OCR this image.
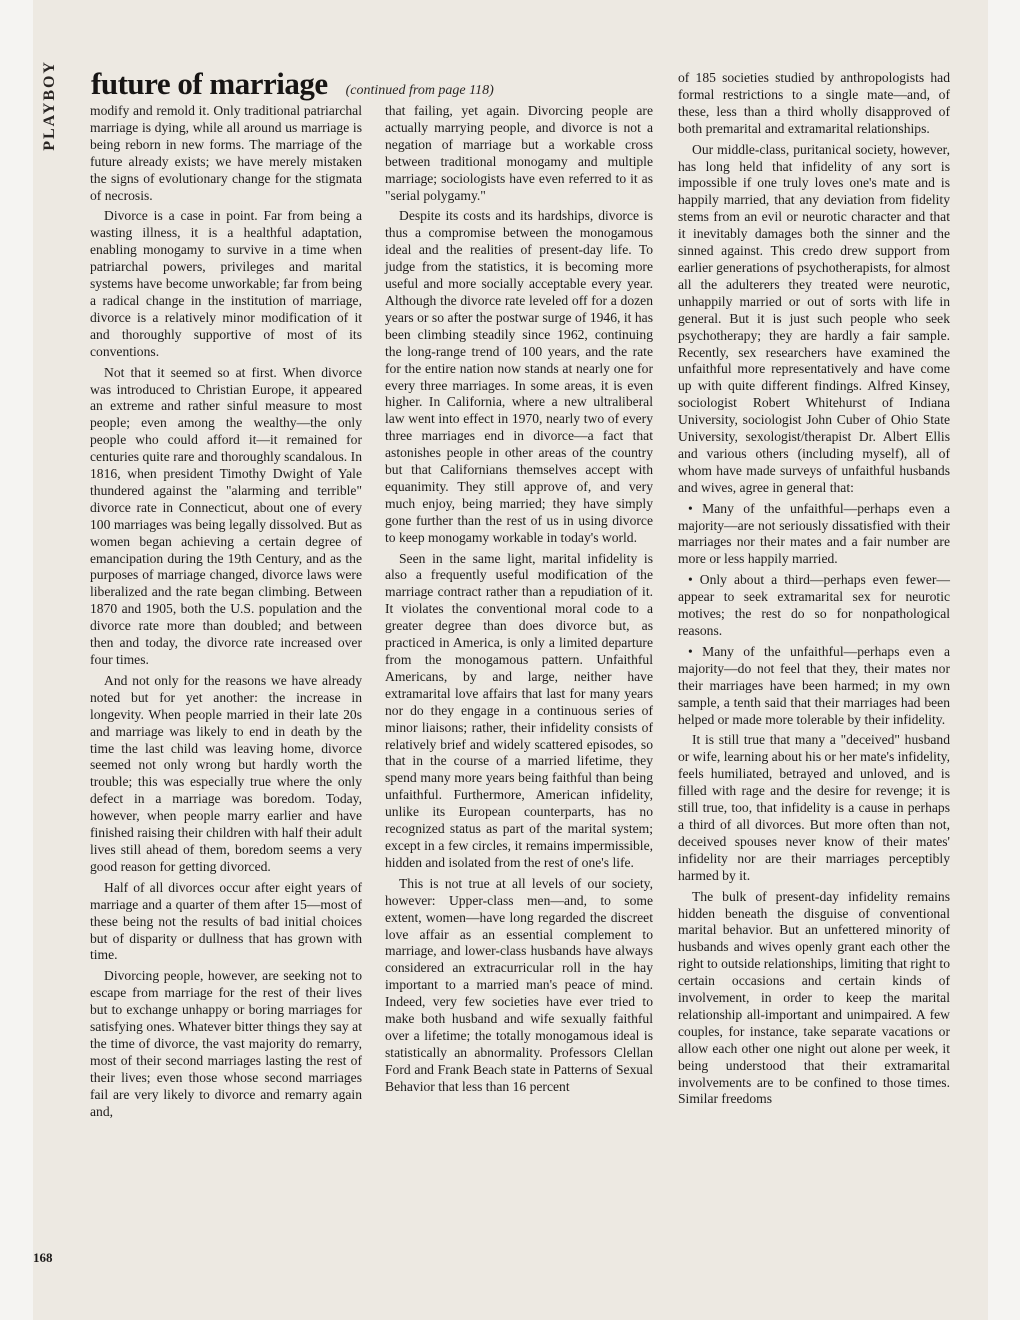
PLAYBOY future of marriage (continued from page 118)

modify and remold it. Only traditional patriarchal marriage is dying, while all around us marriage is being reborn in new forms. The marriage of the future already exists; we have merely mistaken the signs of evolutionary change for the stigmata of necrosis.

Divorce is a case in point. Far from being a wasting illness, it is a healthful adaptation, enabling monogamy to survive in a time when patriarchal powers, privileges and marital systems have become unworkable; far from being a radical change in the institution of marriage, divorce is a relatively minor modification of it and thoroughly supportive of most of its conventions.

Not that it seemed so at first. When divorce was introduced to Christian Europe, it appeared an extreme and rather sinful measure to most people; even among the wealthy—the only people who could afford it—it remained for centuries quite rare and thoroughly scandalous. In 1816, when president Timothy Dwight of Yale thundered against the "alarming and terrible" divorce rate in Connecticut, about one of every 100 marriages was being legally dissolved. But as women began achieving a certain degree of emancipation during the 19th Century, and as the purposes of marriage changed, divorce laws were liberalized and the rate began climbing. Between 1870 and 1905, both the U.S. population and the divorce rate more than doubled; and between then and today, the divorce rate increased over four times.

And not only for the reasons we have already noted but for yet another: the increase in longevity. When people married in their late 20s and marriage was likely to end in death by the time the last child was leaving home, divorce seemed not only wrong but hardly worth the trouble; this was especially true where the only defect in a marriage was boredom. Today, however, when people marry earlier and have finished raising their children with half their adult lives still ahead of them, boredom seems a very good reason for getting divorced.

Half of all divorces occur after eight years of marriage and a quarter of them after 15—most of these being not the results of bad initial choices but of disparity or dullness that has grown with time.

Divorcing people, however, are seeking not to escape from marriage for the rest of their lives but to exchange unhappy or boring marriages for satisfying ones. Whatever bitter things they say at the time of divorce, the vast majority do remarry, most of their second marriages lasting the rest of their lives; even those whose second marriages fail are very likely to divorce and remarry again and,

that failing, yet again. Divorcing people are actually marrying people, and divorce is not a negation of marriage but a workable cross between traditional monogamy and multiple marriage; sociologists have even referred to it as "serial polygamy."

Despite its costs and its hardships, divorce is thus a compromise between the monogamous ideal and the realities of present-day life. To judge from the statistics, it is becoming more useful and more socially acceptable every year. Although the divorce rate leveled off for a dozen years or so after the postwar surge of 1946, it has been climbing steadily since 1962, continuing the long-range trend of 100 years, and the rate for the entire nation now stands at nearly one for every three marriages. In some areas, it is even higher. In California, where a new ultraliberal law went into effect in 1970, nearly two of every three marriages end in divorce—a fact that astonishes people in other areas of the country but that Californians themselves accept with equanimity. They still approve of, and very much enjoy, being married; they have simply gone further than the rest of us in using divorce to keep monogamy workable in today's world.

Seen in the same light, marital infidelity is also a frequently useful modification of the marriage contract rather than a repudiation of it. It violates the conventional moral code to a greater degree than does divorce but, as practiced in America, is only a limited departure from the monogamous pattern. Unfaithful Americans, by and large, neither have extramarital love affairs that last for many years nor do they engage in a continuous series of minor liaisons; rather, their infidelity consists of relatively brief and widely scattered episodes, so that in the course of a married lifetime, they spend many more years being faithful than being unfaithful. Furthermore, American infidelity, unlike its European counterparts, has no recognized status as part of the marital system; except in a few circles, it remains impermissible, hidden and isolated from the rest of one's life.

This is not true at all levels of our society, however: Upper-class men—and, to some extent, women—have long regarded the discreet love affair as an essential complement to marriage, and lower-class husbands have always considered an extracurricular roll in the hay important to a married man's peace of mind. Indeed, very few societies have ever tried to make both husband and wife sexually faithful over a lifetime; the totally monogamous ideal is statistically an abnormality. Professors Clellan Ford and Frank Beach state in Patterns of Sexual Behavior that less than 16 percent

of 185 societies studied by anthropologists had formal restrictions to a single mate—and, of these, less than a third wholly disapproved of both premarital and extramarital relationships.

Our middle-class, puritanical society, however, has long held that infidelity of any sort is impossible if one truly loves one's mate and is happily married, that any deviation from fidelity stems from an evil or neurotic character and that it inevitably damages both the sinner and the sinned against. This credo drew support from earlier generations of psychotherapists, for almost all the adulterers they treated were neurotic, unhappily married or out of sorts with life in general. But it is just such people who seek psychotherapy; they are hardly a fair sample. Recently, sex researchers have examined the unfaithful more representatively and have come up with quite different findings. Alfred Kinsey, sociologist Robert Whitehurst of Indiana University, sociologist John Cuber of Ohio State University, sexologist/therapist Dr. Albert Ellis and various others (including myself), all of whom have made surveys of unfaithful husbands and wives, agree in general that:

• Many of the unfaithful—perhaps even a majority—are not seriously dissatisfied with their marriages nor their mates and a fair number are more or less happily married.

• Only about a third—perhaps even fewer—appear to seek extramarital sex for neurotic motives; the rest do so for nonpathological reasons.

• Many of the unfaithful—perhaps even a majority—do not feel that they, their mates nor their marriages have been harmed; in my own sample, a tenth said that their marriages had been helped or made more tolerable by their infidelity.

It is still true that many a "deceived" husband or wife, learning about his or her mate's infidelity, feels humiliated, betrayed and unloved, and is filled with rage and the desire for revenge; it is still true, too, that infidelity is a cause in perhaps a third of all divorces. But more often than not, deceived spouses never know of their mates' infidelity nor are their marriages perceptibly harmed by it.

The bulk of present-day infidelity remains hidden beneath the disguise of conventional marital behavior. But an unfettered minority of husbands and wives openly grant each other the right to outside relationships, limiting that right to certain occasions and certain kinds of involvement, in order to keep the marital relationship all-important and unimpaired. A few couples, for instance, take separate vacations or allow each other one night out alone per week, it being understood that their extramarital involvements are to be confined to those times. Similar freedoms

168
